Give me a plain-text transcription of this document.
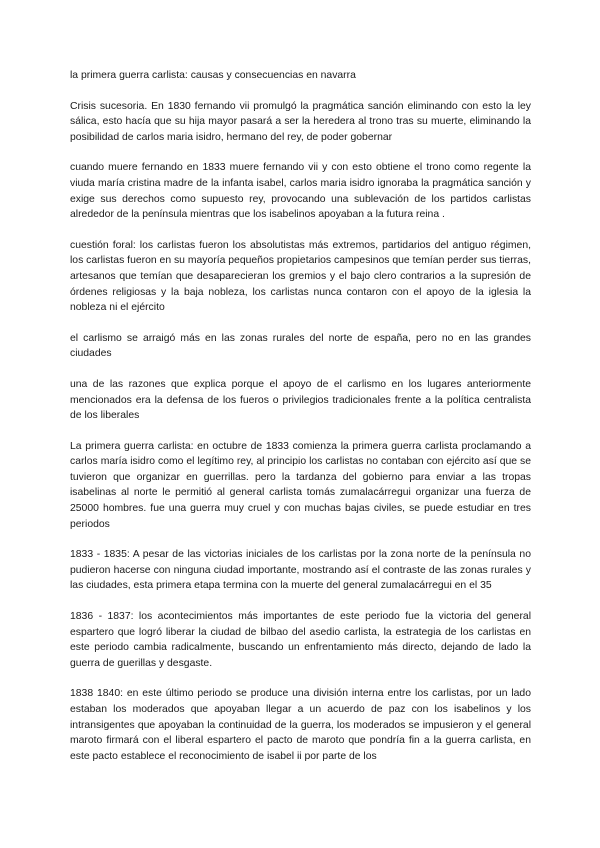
la primera guerra carlista: causas y consecuencias en navarra

Crisis sucesoria. En 1830 fernando vii promulgó la pragmática sanción eliminando con esto la ley sálica, esto hacía que su hija mayor pasará a ser la heredera al trono tras su muerte, eliminando la posibilidad de carlos maria isidro, hermano del rey, de poder gobernar

cuando muere fernando en 1833 muere fernando vii y con esto obtiene el trono como regente la viuda maría cristina madre de la infanta isabel, carlos maria isidro ignoraba la pragmática sanción y exige sus derechos como supuesto rey, provocando una sublevación de los partidos carlistas alrededor de la península mientras que los isabelinos apoyaban a la futura reina .

cuestión foral: los carlistas fueron los absolutistas más extremos, partidarios del antiguo régimen, los carlistas fueron en su mayoría pequeños propietarios campesinos que temían perder sus tierras, artesanos que temían que desaparecieran los gremios y el bajo clero contrarios a la supresión de órdenes religiosas y la baja nobleza, los carlistas nunca contaron con el apoyo de la iglesia la nobleza ni el ejército

el carlismo se arraigó más en las zonas rurales del norte de españa, pero no en las grandes ciudades

una de las razones que explica porque el apoyo de el carlismo en los lugares anteriormente mencionados era la defensa de los fueros o privilegios tradicionales frente a la política centralista de los liberales

La primera guerra carlista: en octubre de 1833 comienza la primera guerra carlista proclamando a carlos maría isidro como el legítimo rey, al principio los carlistas no contaban con ejército así que se tuvieron que organizar en guerrillas. pero la tardanza del gobierno para enviar a las tropas isabelinas al norte le permitió al general carlista tomás zumalacárregui organizar una fuerza de 25000 hombres. fue una guerra muy cruel y con muchas bajas civiles, se puede estudiar en tres periodos

1833 - 1835: A pesar de las victorias iniciales de los carlistas por la zona norte de la península no pudieron hacerse con ninguna ciudad importante, mostrando así el contraste de las zonas rurales y las ciudades, esta primera etapa termina con la muerte del general zumalacárregui en el 35

1836 - 1837: los acontecimientos más importantes de este periodo fue la victoria del general espartero que logró liberar la ciudad de bilbao del asedio carlista, la estrategia de los carlistas en este periodo cambia radicalmente, buscando un enfrentamiento más directo, dejando de lado la guerra de guerillas y desgaste.

1838 1840: en este último periodo se produce una división interna entre los carlistas, por un lado estaban los moderados que apoyaban llegar a un acuerdo de paz con los isabelinos y los intransigentes que apoyaban la continuidad de la guerra, los moderados se impusieron y el general maroto firmará con el liberal espartero el pacto de maroto que pondría fin a la guerra carlista, en este pacto establece el reconocimiento de isabel ii por parte de los
